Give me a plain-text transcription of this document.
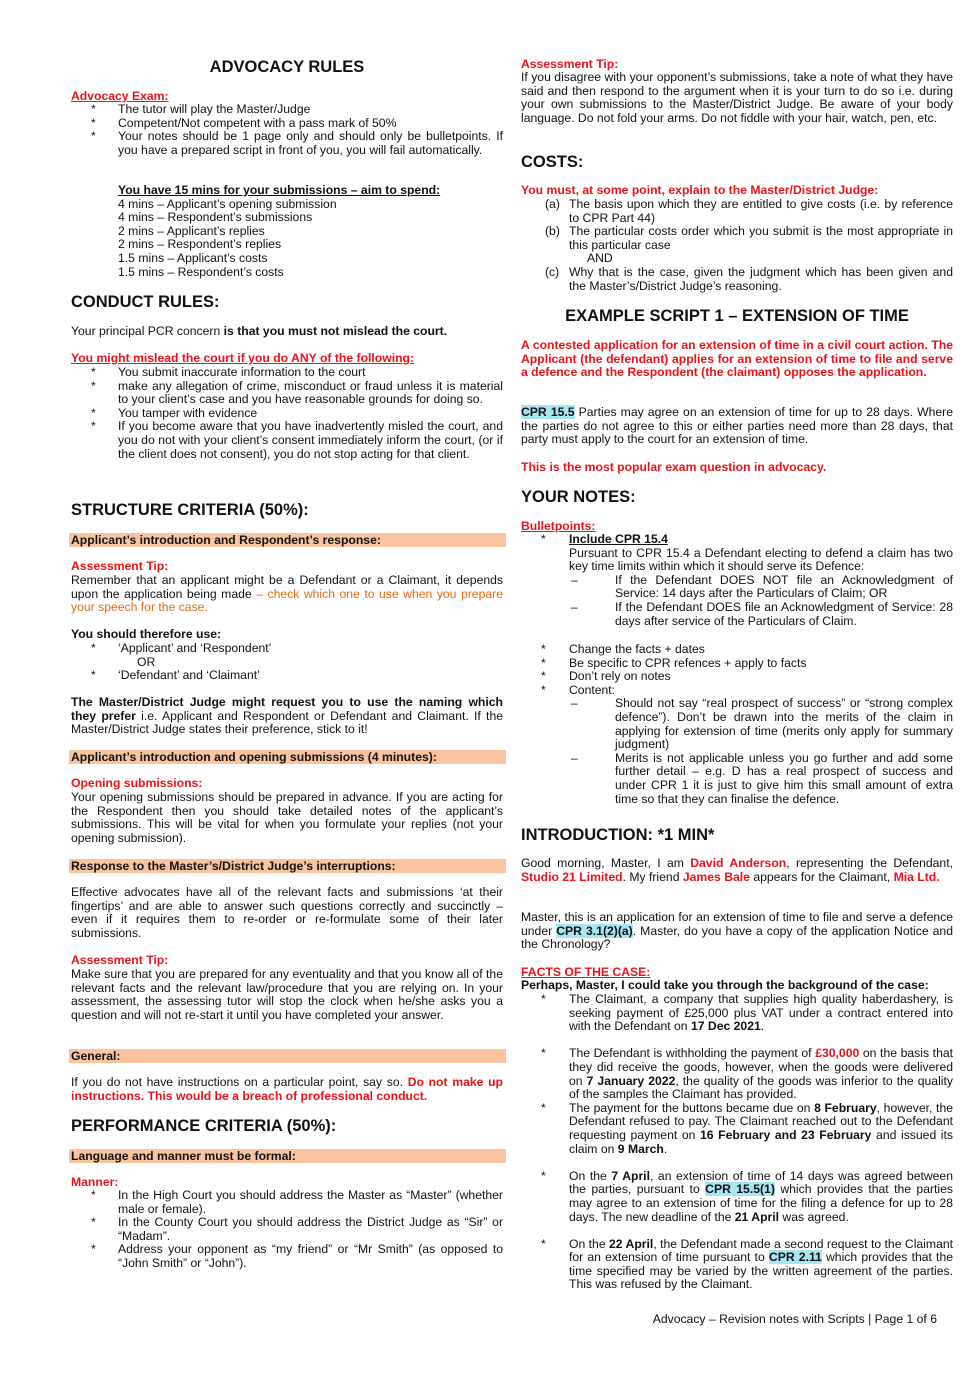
ADVOCACY RULES
Advocacy Exam:
* The tutor will play the Master/Judge
* Competent/Not competent with a pass mark of 50%
* Your notes should be 1 page only and should only be bulletpoints. If you have a prepared script in front of you, you will fail automatically.
You have 15 mins for your submissions – aim to spend:
4 mins – Applicant’s opening submission
4 mins – Respondent’s submissions
2 mins – Applicant’s replies
2 mins – Respondent’s replies
1.5 mins – Applicant’s costs
1.5 mins – Respondent’s costs
CONDUCT RULES:
Your principal PCR concern is that you must not mislead the court.
You might mislead the court if you do ANY of the following:
* You submit inaccurate information to the court
* make any allegation of crime, misconduct or fraud unless it is material to your client’s case and you have reasonable grounds for doing so.
* You tamper with evidence
* If you become aware that you have inadvertently misled the court, and you do not with your client’s consent immediately inform the court, (or if the client does not consent), you do not stop acting for that client.
STRUCTURE CRITERIA (50%):
Applicant’s introduction and Respondent’s response:
Assessment Tip:
Remember that an applicant might be a Defendant or a Claimant, it depends upon the application being made – check which one to use when you prepare your speech for the case.
You should therefore use:
* ‘Applicant’ and ‘Respondent’
OR
* ‘Defendant’ and ‘Claimant’
The Master/District Judge might request you to use the naming which they prefer i.e. Applicant and Respondent or Defendant and Claimant. If the Master/District Judge states their preference, stick to it!
Applicant’s introduction and opening submissions (4 minutes):
Opening submissions:
Your opening submissions should be prepared in advance. If you are acting for the Respondent then you should take detailed notes of the applicant’s submissions. This will be vital for when you formulate your replies (not your opening submission).
Response to the Master’s/District Judge’s interruptions:
Effective advocates have all of the relevant facts and submissions ‘at their fingertips’ and are able to answer such questions correctly and succinctly – even if it requires them to re-order or re-formulate some of their later submissions.
Assessment Tip:
Make sure that you are prepared for any eventuality and that you know all of the relevant facts and the relevant law/procedure that you are relying on. In your assessment, the assessing tutor will stop the clock when he/she asks you a question and will not re-start it until you have completed your answer.
General:
If you do not have instructions on a particular point, say so. Do not make up instructions. This would be a breach of professional conduct.
PERFORMANCE CRITERIA (50%):
Language and manner must be formal:
Manner:
* In the High Court you should address the Master as “Master” (whether male or female).
* In the County Court you should address the District Judge as “Sir” or “Madam”.
* Address your opponent as “my friend” or “Mr Smith” (as opposed to “John Smith” or “John”).
Assessment Tip:
If you disagree with your opponent’s submissions, take a note of what they have said and then respond to the argument when it is your turn to do so i.e. during your own submissions to the Master/District Judge. Be aware of your body language. Do not fold your arms. Do not fiddle with your hair, watch, pen, etc.
COSTS:
You must, at some point, explain to the Master/District Judge:
(a) The basis upon which they are entitled to give costs (i.e. by reference to CPR Part 44)
(b) The particular costs order which you submit is the most appropriate in this particular case
AND
(c) Why that is the case, given the judgment which has been given and the Master’s/District Judge’s reasoning.
EXAMPLE SCRIPT 1 – EXTENSION OF TIME
A contested application for an extension of time in a civil court action. The Applicant (the defendant) applies for an extension of time to file and serve a defence and the Respondent (the claimant) opposes the application.
CPR 15.5 Parties may agree on an extension of time for up to 28 days. Where the parties do not agree to this or either parties need more than 28 days, that party must apply to the court for an extension of time.
This is the most popular exam question in advocacy.
YOUR NOTES:
Bulletpoints:
* Include CPR 15.4
Pursuant to CPR 15.4 a Defendant electing to defend a claim has two key time limits within which it should serve its Defence:
–	If the Defendant DOES NOT file an Acknowledgment of Service: 14 days after the Particulars of Claim; OR
–	If the Defendant DOES file an Acknowledgment of Service: 28 days after service of the Particulars of Claim.
* Change the facts + dates
* Be specific to CPR refences + apply to facts
* Don’t rely on notes
* Content:
–	Should not say “real prospect of success” or “strong complex defence”). Don’t be drawn into the merits of the claim in applying for extension of time (merits only apply for summary judgment)
–	Merits is not applicable unless you go further and add some further detail – e.g. D has a real prospect of success and under CPR 1 it is just to give him this small amount of extra time so that they can finalise the defence.
INTRODUCTION: *1 MIN*
Good morning, Master, I am David Anderson, representing the Defendant, Studio 21 Limited. My friend James Bale appears for the Claimant, Mia Ltd.
Master, this is an application for an extension of time to file and serve a defence under CPR 3.1(2)(a). Master, do you have a copy of the application Notice and the Chronology?
FACTS OF THE CASE:
Perhaps, Master, I could take you through the background of the case:
* The Claimant, a company that supplies high quality haberdashery, is seeking payment of £25,000 plus VAT under a contract entered into with the Defendant on 17 Dec 2021.
* The Defendant is withholding the payment of £30,000 on the basis that they did receive the goods, however, when the goods were delivered on 7 January 2022, the quality of the goods was inferior to the quality of the samples the Claimant has provided.
* The payment for the buttons became due on 8 February, however, the Defendant refused to pay. The Claimant reached out to the Defendant requesting payment on 16 February and 23 February and issued its claim on 9 March.
* On the 7 April, an extension of time of 14 days was agreed between the parties, pursuant to CPR 15.5(1) which provides that the parties may agree to an extension of time for the filing a defence for up to 28 days. The new deadline of the 21 April was agreed.
* On the 22 April, the Defendant made a second request to the Claimant for an extension of time pursuant to CPR 2.11 which provides that the time specified may be varied by the written agreement of the parties. This was refused by the Claimant.
Advocacy – Revision notes with Scripts | Page 1 of 6
